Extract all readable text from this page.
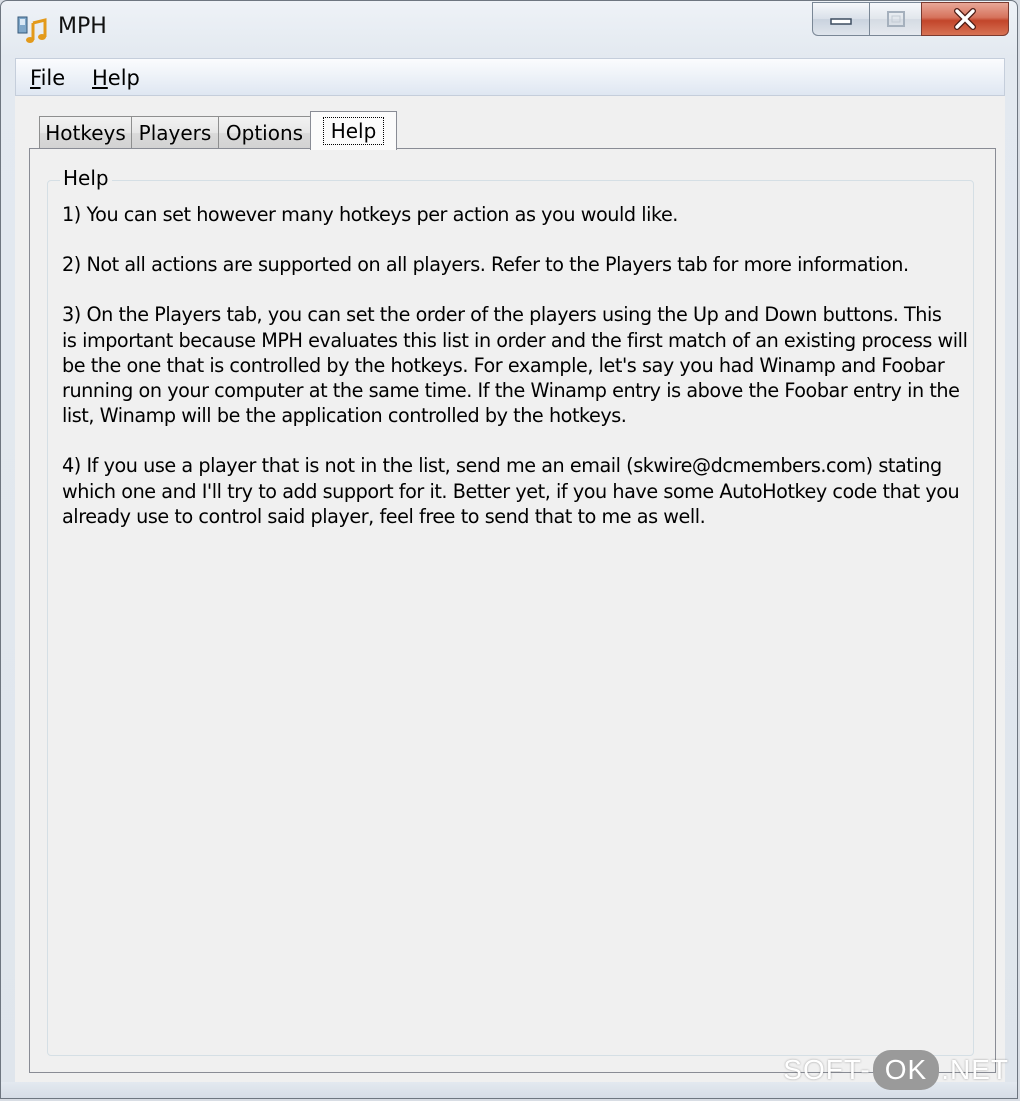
MPH
File Help
Hotkeys Players Options	Help
Help
1) You can set however many hotkeys per action as you would like.
2) Not all actions are supported on all players. Refer to the Players tab for more information.
3) On the Players tab, you can set the order of the players using the Up and Down buttons. This
is important because MPH evaluates this list in order and the first match of an existing process will
be the one that is controlled by the hotkeys. For example, let's say you had Winamp and Foobar
running on your computer at the same time. If the Winamp entry is above the Foobar entry in the
list, Winamp will be the application controlled by the hotkeys.
4) If you use a player that is not in the list, send me an email (skwire@dcmembers.com) stating
which one and I'll try to add support for it. Better yet, if you have some AutoHotkey code that you
already use to control said player, feel free to send that to me as well.
SOFT- OK .NET
